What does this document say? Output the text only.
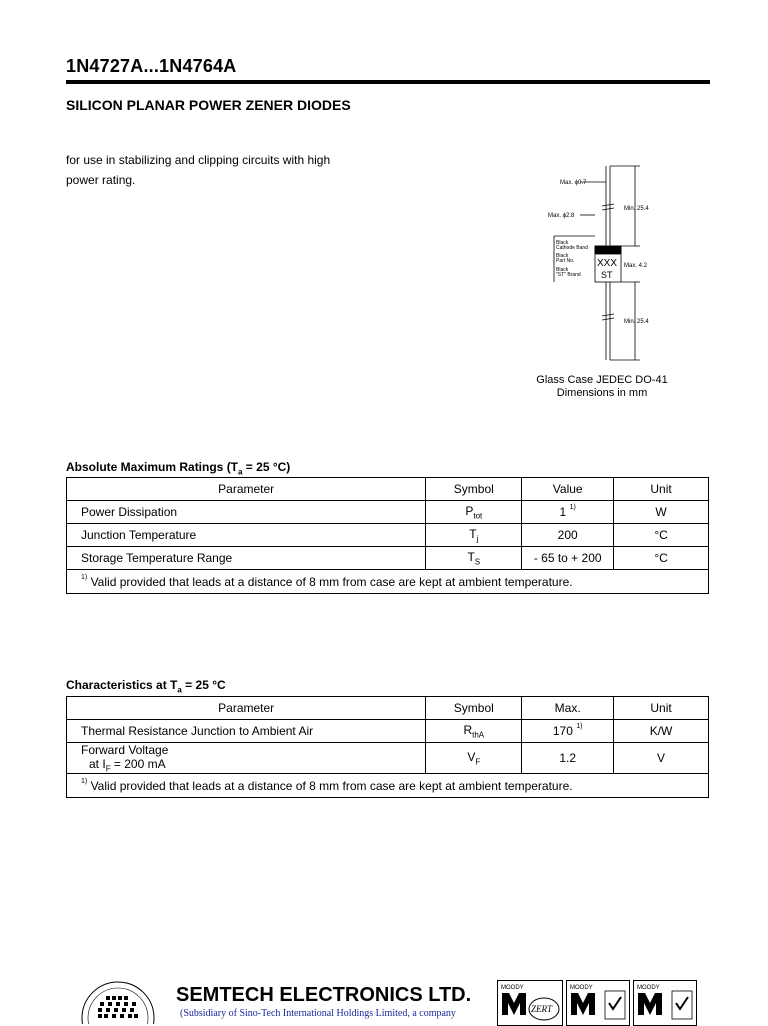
1N4727A...1N4764A
SILICON PLANAR POWER ZENER DIODES
for use in stabilizing and clipping circuits with high
power rating.	Max. ϕ0.7
Max. ϕ2.8
Min. 25.4
Black
Cathode Band
Black
Part No.
Black
"ST" Brand
XXX
ST
Max. 4.2
Min. 25.4
Glass Case JEDEC DO-41
Dimensions in mm
Absolute Maximum Ratings ($T_a = 25$ °C)
Parameter	Symbol	Value	Unit
Power Dissipation	$P_{tot}$	1 $^{1)}$	W
Junction Temperature	$T_j$	200	°C
Storage Temperature Range	$T_S$	- 65 to + 200	°C
$^{1)}$ Valid provided that leads at a distance of 8 mm from case are kept at ambient temperature.			
Characteristics at $T_a = 25$ °C
Parameter	Symbol	Max.	Unit
Thermal Resistance Junction to Ambient Air	$R_{thA}$	170 $^{1)}$	K/W

Forward Voltage
at $I_F = 200$ mA	$V_F$	1.2	V
$^{1)}$ Valid provided that leads at a distance of 8 mm from case are kept at ambient temperature.			
SEMTECH ELECTRONICS LTD.
(Subsidiary of Sino-Tech International Holdings Limited, a company
MOODY
ZERT
MOODY	MOODY
